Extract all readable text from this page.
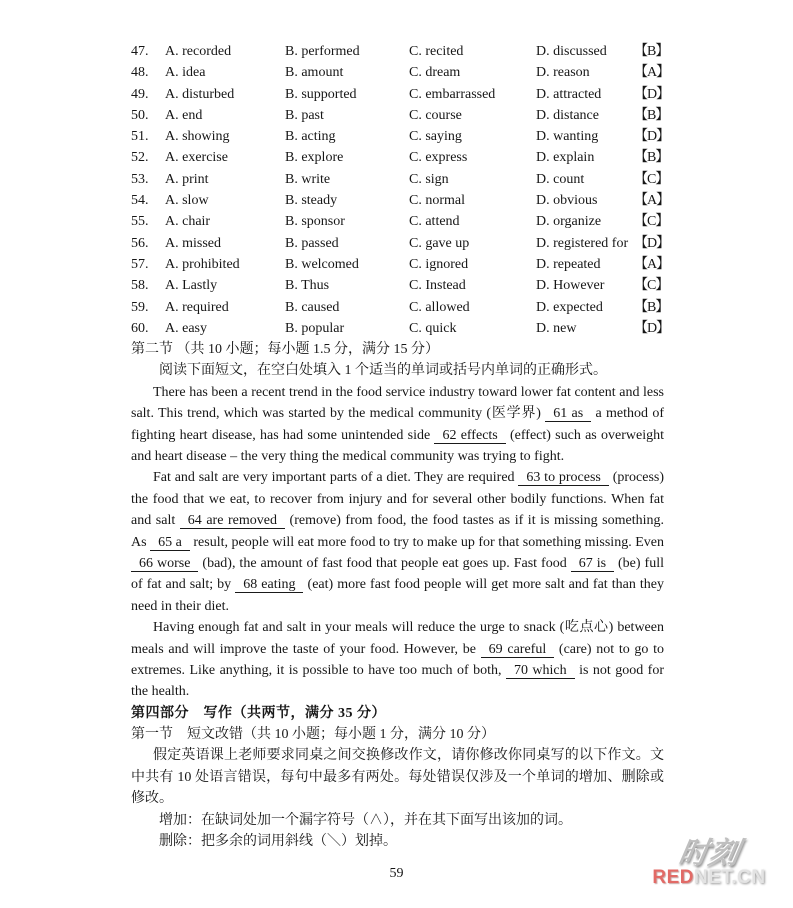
47.	A. recorded	B. performed	C. recited	D. discussed	【B】
48.	A. idea	B. amount	C. dream	D. reason	【A】
49.	A. disturbed	B. supported	C. embarrassed	D. attracted	【D】
50.	A. end	B. past	C. course	D. distance	【B】
51.	A. showing	B. acting	C. saying	D. wanting	【D】
52.	A. exercise	B. explore	C. express	D. explain	【B】
53.	A. print	B. write	C. sign	D. count	【C】
54.	A. slow	B. steady	C. normal	D. obvious	【A】
55.	A. chair	B. sponsor	C. attend	D. organize	【C】
56.	A. missed	B. passed	C. gave up	D. registered for 【D】
57.	A. prohibited	B. welcomed	C. ignored	D. repeated	【A】
58.	A. Lastly	B. Thus	C. Instead	D. However	【C】
59.	A. required	B. caused	C. allowed	D. expected	【B】
60.	A. easy	B. popular	C. quick	D. new	【D】
第二节 （共 10 小题；每小题 1.5 分，满分 15 分）
阅读下面短文，在空白处填入 1 个适当的单词或括号内单词的正确形式。

There has been a recent trend in the food service industry toward lower fat content and less salt. This trend, which was started by the medical community (医学界) 61 as a method of fighting heart disease, has had some unintended side 62 effects (effect) such as overweight and heart disease – the very thing the medical community was trying to fight.

Fat and salt are very important parts of a diet. They are required 63 to process (process) the food that we eat, to recover from injury and for several other bodily functions. When fat and salt 64 are removed (remove) from food, the food tastes as if it is missing something. As 65 a result, people will eat more food to try to make up for that something missing. Even 66 worse (bad), the amount of fast food that people eat goes up. Fast food 67 is (be) full of fat and salt; by 68 eating (eat) more fast food people will get more salt and fat than they need in their diet.

Having enough fat and salt in your meals will reduce the urge to snack (吃点心) between meals and will improve the taste of your food. However, be 69 careful (care) not to go to extremes. Like anything, it is possible to have too much of both, 70 which is not good for the health.

第四部分　写作（共两节，满分 35 分）
第一节　短文改错（共 10 小题；每小题 1 分，满分 10 分）

假定英语课上老师要求同桌之间交换修改作文，请你修改你同桌写的以下作文。文中共有 10 处语言错误，每句中最多有两处。每处错误仅涉及一个单词的增加、删除或修改。

增加：在缺词处加一个漏字符号（∧），并在其下面写出该加的词。
删除：把多余的词用斜线（＼）划掉。
59
时刻
REDNET.CN
